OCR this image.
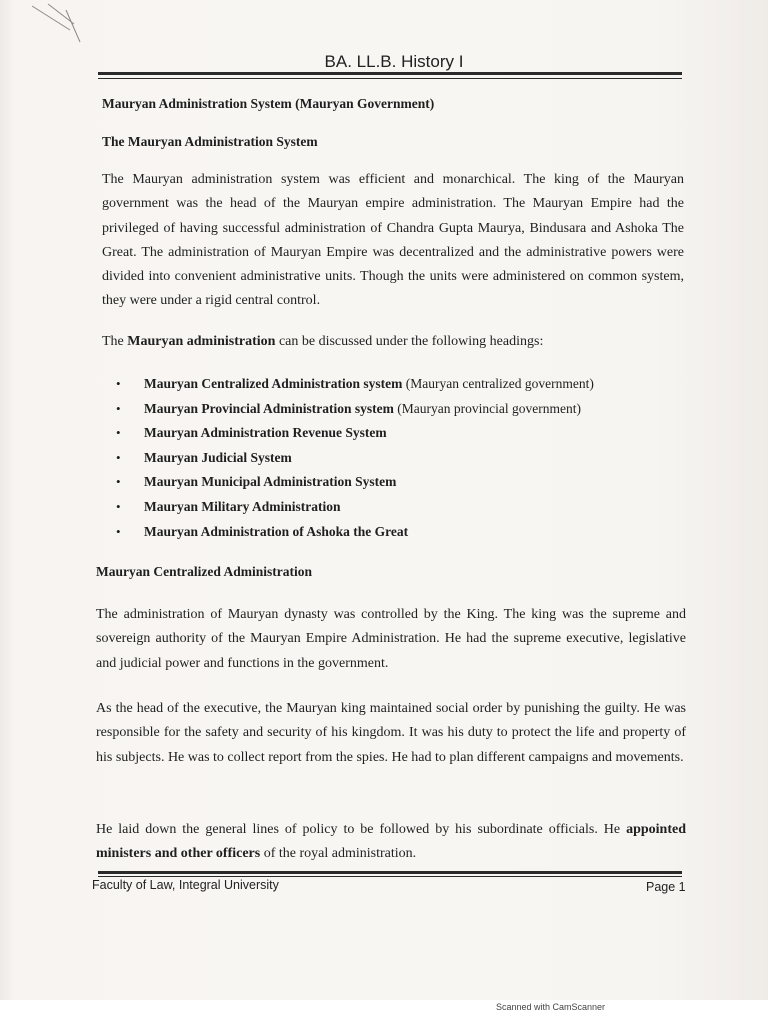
BA. LL.B. History I
Mauryan Administration System (Mauryan Government)
The Mauryan Administration System

The Mauryan administration system was efficient and monarchical. The king of the Mauryan government was the head of the Mauryan empire administration. The Mauryan Empire had the privileged of having successful administration of Chandra Gupta Maurya, Bindusara and Ashoka The Great. The administration of Mauryan Empire was decentralized and the administrative powers were divided into convenient administrative units. Though the units were administered on common system, they were under a rigid central control.

The Mauryan administration can be discussed under the following headings:

• Mauryan Centralized Administration system (Mauryan centralized government)
• Mauryan Provincial Administration system (Mauryan provincial government)
• Mauryan Administration Revenue System
• Mauryan Judicial System
• Mauryan Municipal Administration System
• Mauryan Military Administration
• Mauryan Administration of Ashoka the Great
Mauryan Centralized Administration

The administration of Mauryan dynasty was controlled by the King. The king was the supreme and sovereign authority of the Mauryan Empire Administration. He had the supreme executive, legislative and judicial power and functions in the government.

As the head of the executive, the Mauryan king maintained social order by punishing the guilty. He was responsible for the safety and security of his kingdom. It was his duty to protect the life and property of his subjects. He was to collect report from the spies. He had to plan different campaigns and movements.

He laid down the general lines of policy to be followed by his subordinate officials. He appointed ministers and other officers of the royal administration.

Faculty of Law, Integral University	Page 1
Scanned with CamScanner
